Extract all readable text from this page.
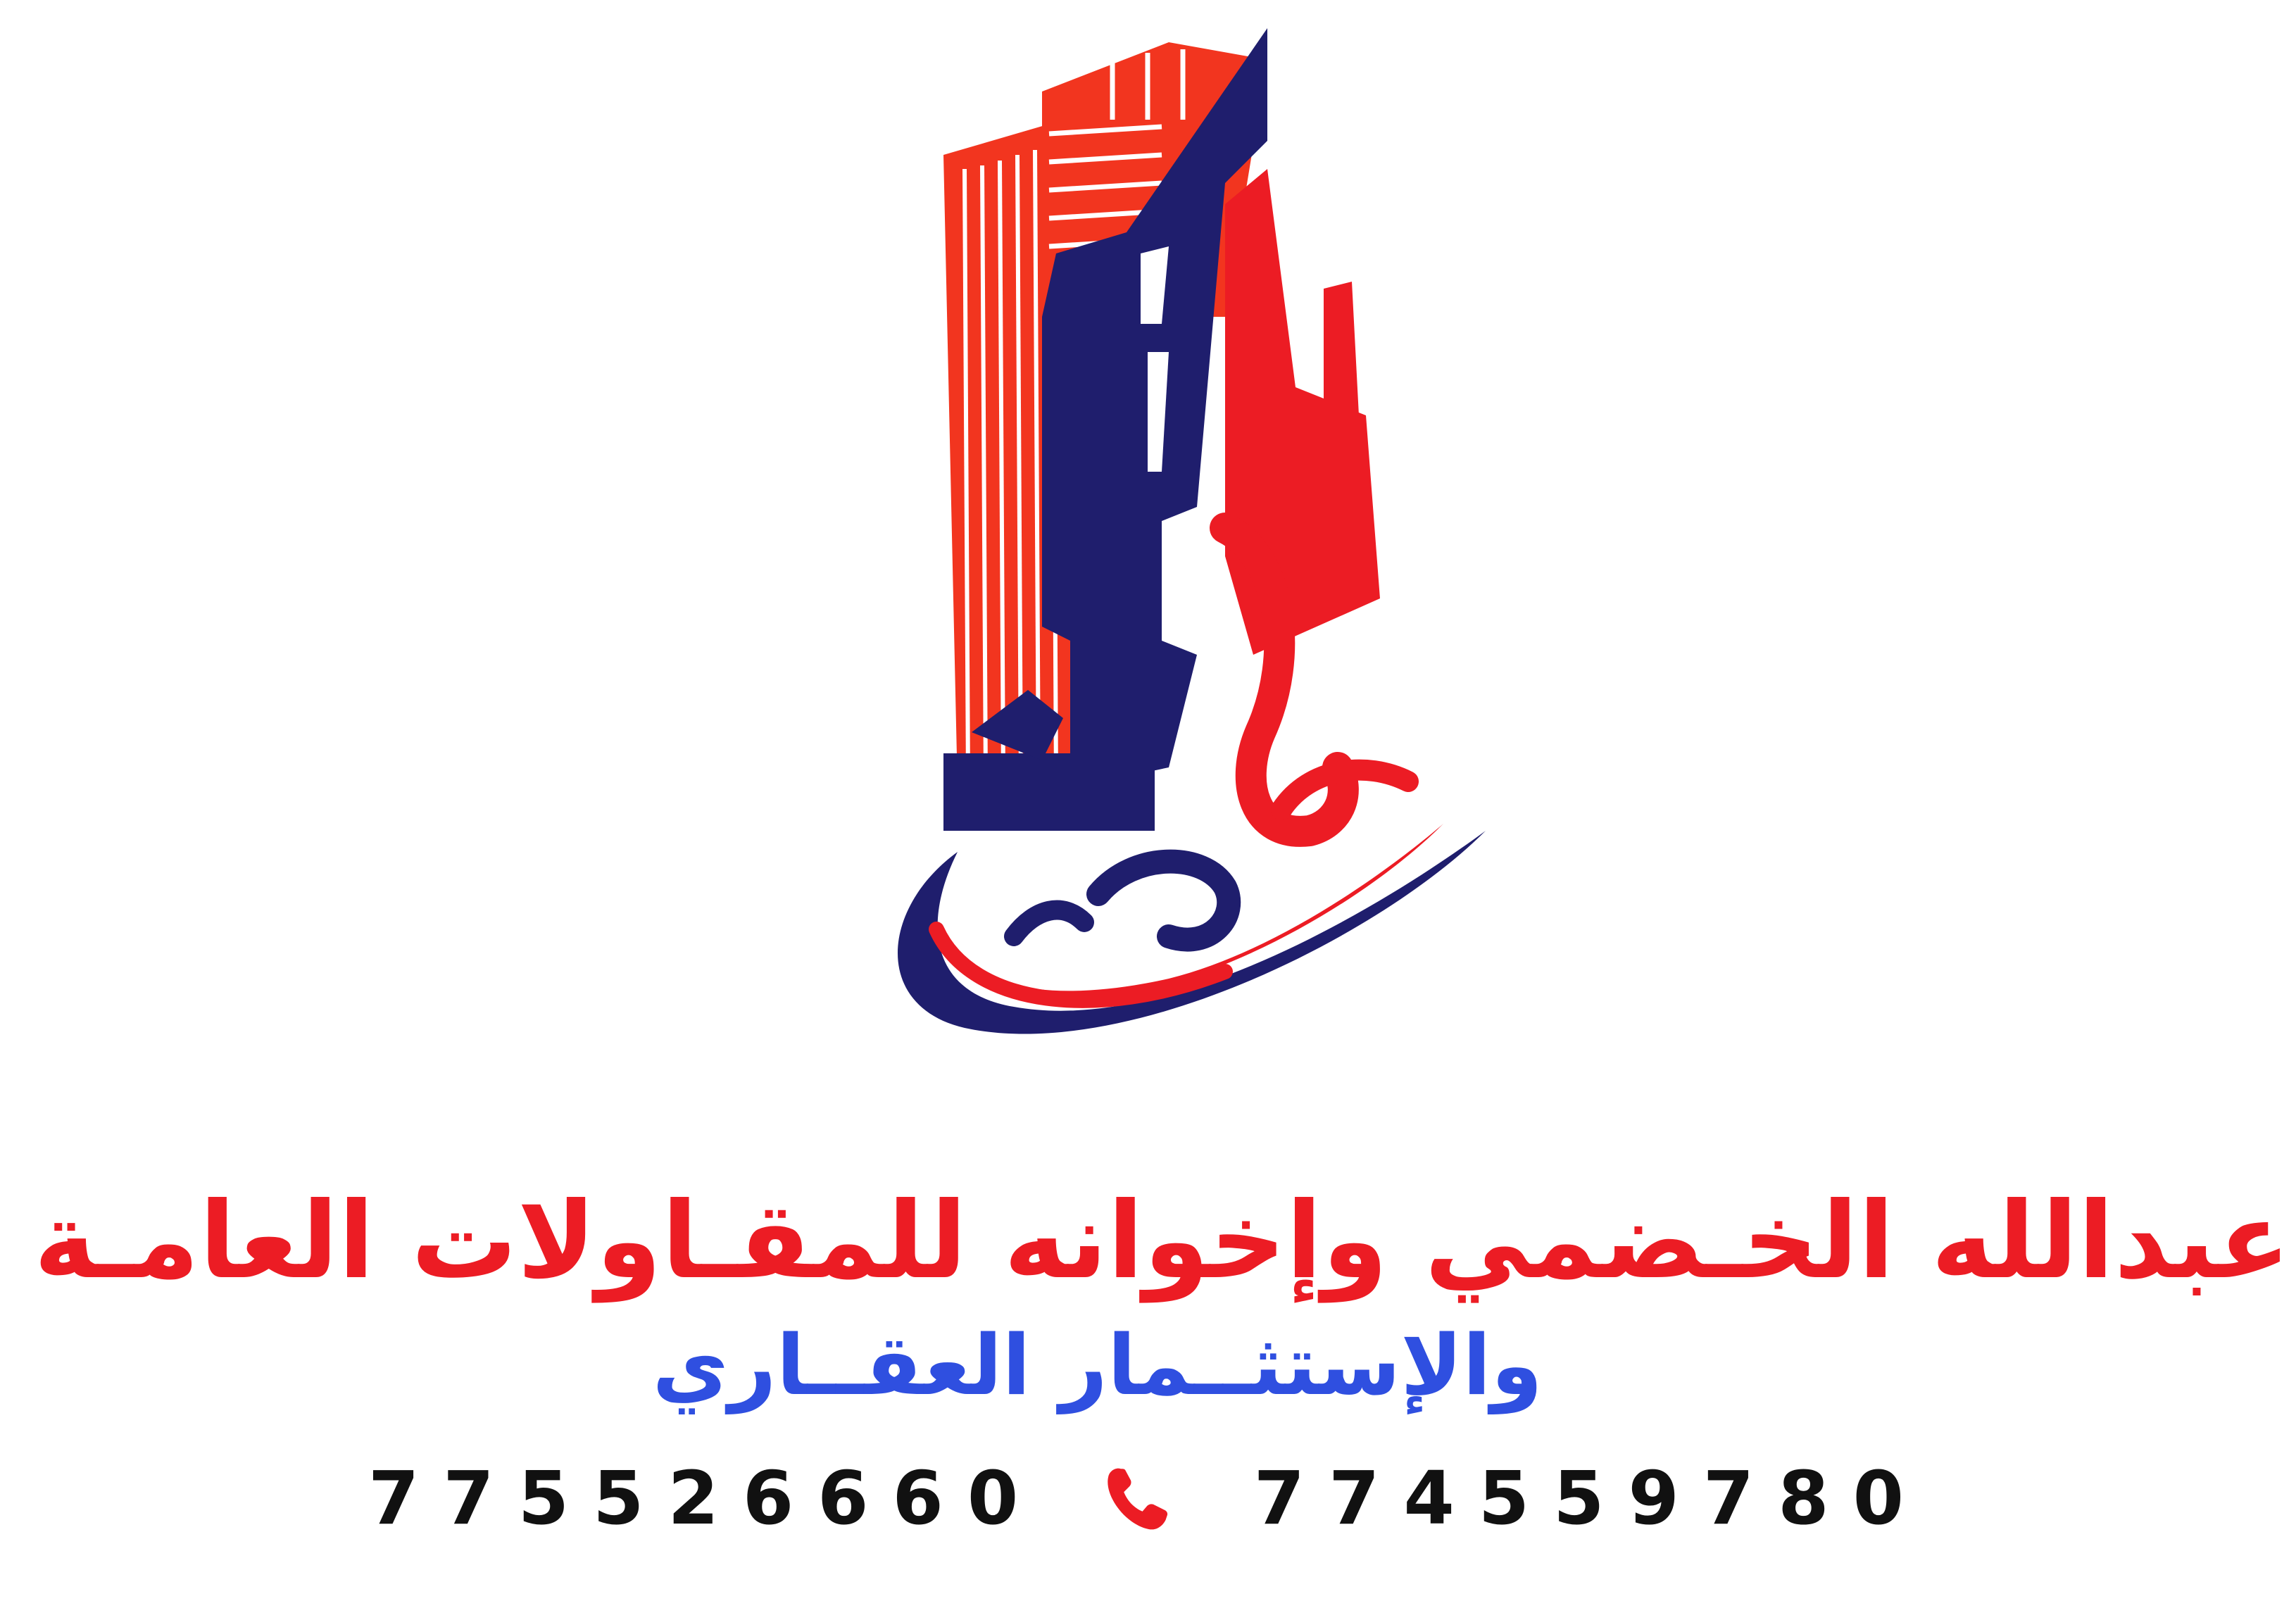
عبدالله الخـضمي وإخوانه للمقـاولات العامـة
والإستثــمار العقــاري
775526660	774559780
